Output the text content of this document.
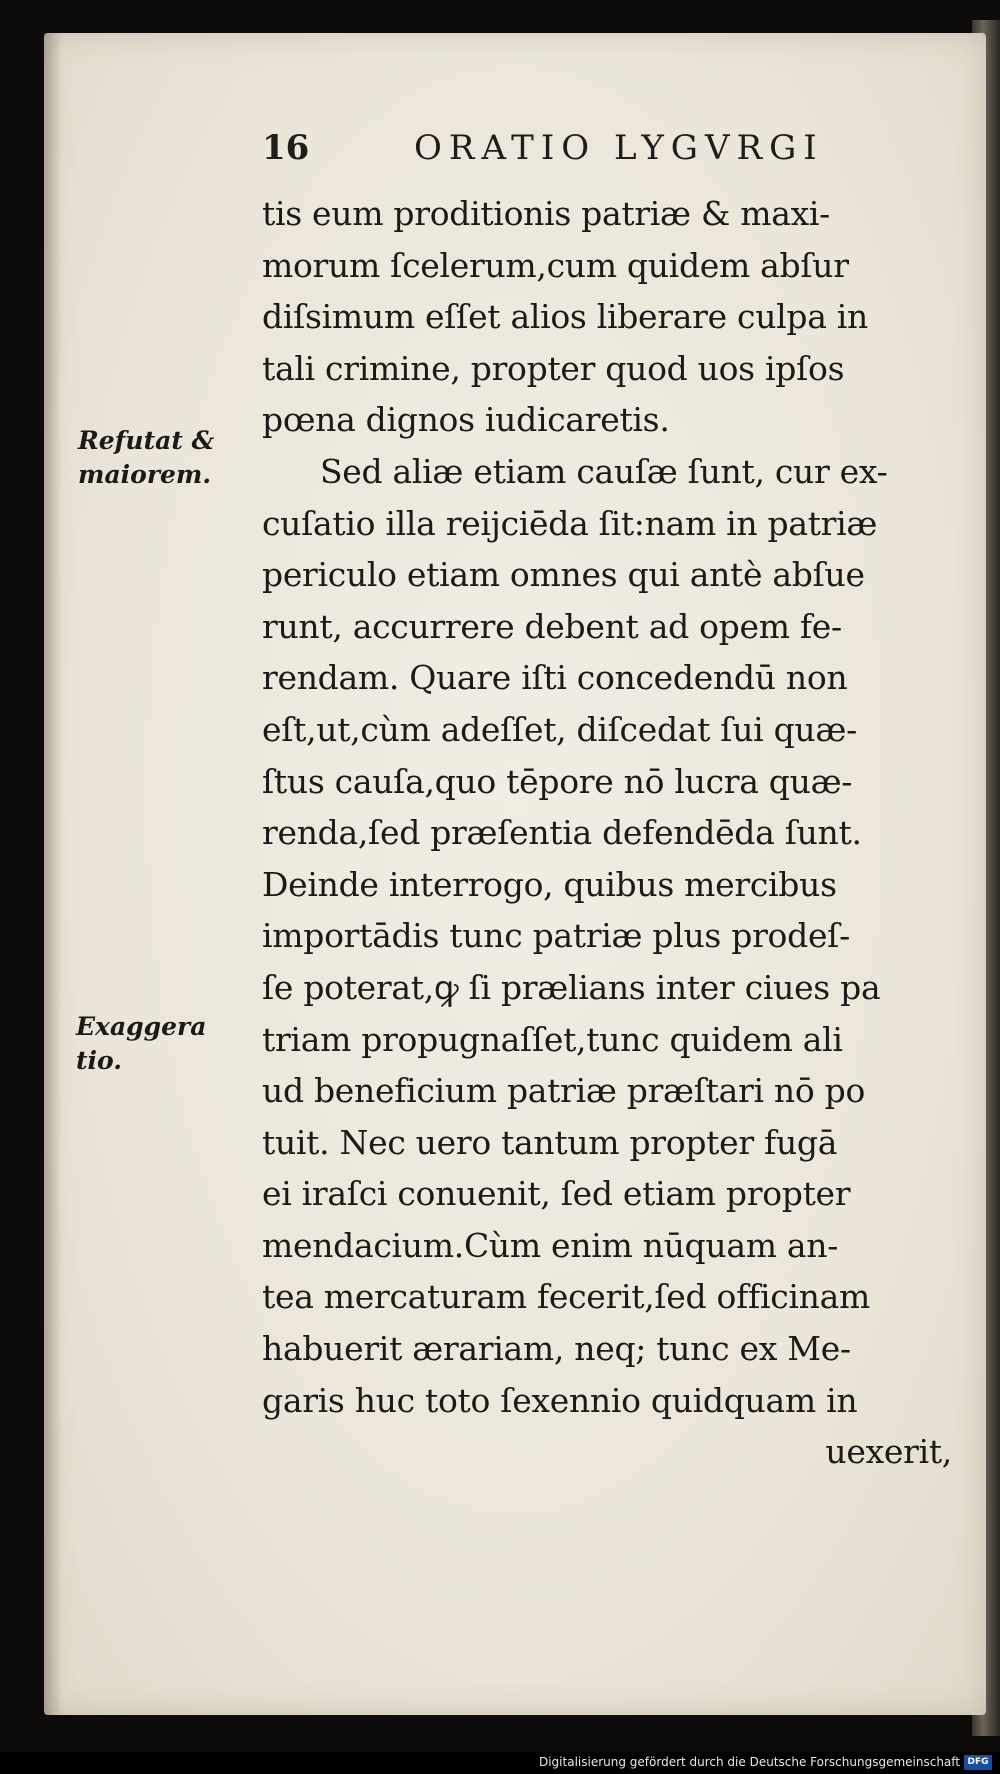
16	ORATIO LYGVRGI
Refutat &
maiorem.
Exaggera
tio.
tis eum proditionis patriæ & maxi-
morum ſcelerum,cum quidem abſur
diſsimum eſſet alios liberare culpa in
tali crimine, propter quod uos ipſos
pœna dignos iudicaretis.
Sed aliæ etiam cauſæ ſunt, cur ex-
cuſatio illa reijciēda ſit:nam in patriæ
periculo etiam omnes qui antè abſue
runt, accurrere debent ad opem fe-
rendam. Quare iſti concedendū non
eſt,ut,cùm adeſſet, diſcedat ſui quæ-
ſtus cauſa,quo tēpore nō lucra quæ-
renda,ſed præſentia defendēda ſunt.
Deinde interrogo, quibus mercibus
importādis tunc patriæ plus prodeſ-
ſe poterat,ꝙ ſi prælians inter ciues pa
triam propugnaſſet,tunc quidem ali
ud beneficium patriæ præſtari nō po
tuit. Nec uero tantum propter fugā
ei iraſci conuenit, ſed etiam propter
mendacium.Cùm enim nūquam an-
tea mercaturam fecerit,ſed officinam
habuerit ærariam, neq; tunc ex Me-
garis huc toto ſexennio quidquam in
uexerit,
Digitalisierung gefördert durch die Deutsche Forschungsgemeinschaft DFG
